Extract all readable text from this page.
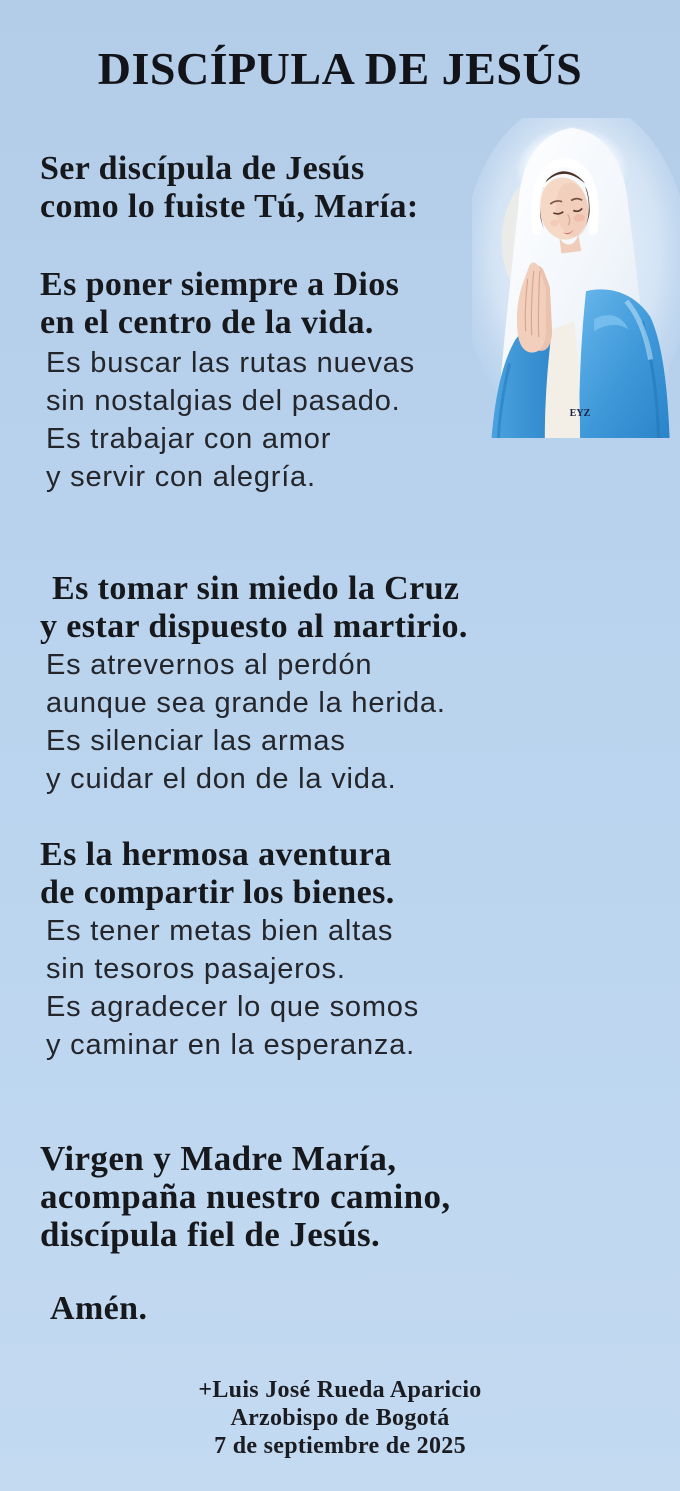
DISCÍPULA DE JESÚS
EYZ
Ser discípula de Jesús
como lo fuiste Tú, María:
Es poner siempre a Dios
en el centro de la vida.
Es buscar las rutas nuevas
sin nostalgias del pasado.
Es trabajar con amor
y servir con alegría.
Es tomar sin miedo la Cruz
y estar dispuesto al martirio.
Es atrevernos al perdón
aunque sea grande la herida.
Es silenciar las armas
y cuidar el don de la vida.
Es la hermosa aventura
de compartir los bienes.
Es tener metas bien altas
sin tesoros pasajeros.
Es agradecer lo que somos
y caminar en la esperanza.
Virgen y Madre María,
acompaña nuestro camino,
discípula fiel de Jesús.
Amén.
+Luis José Rueda Aparicio
Arzobispo de Bogotá
7 de septiembre de 2025
